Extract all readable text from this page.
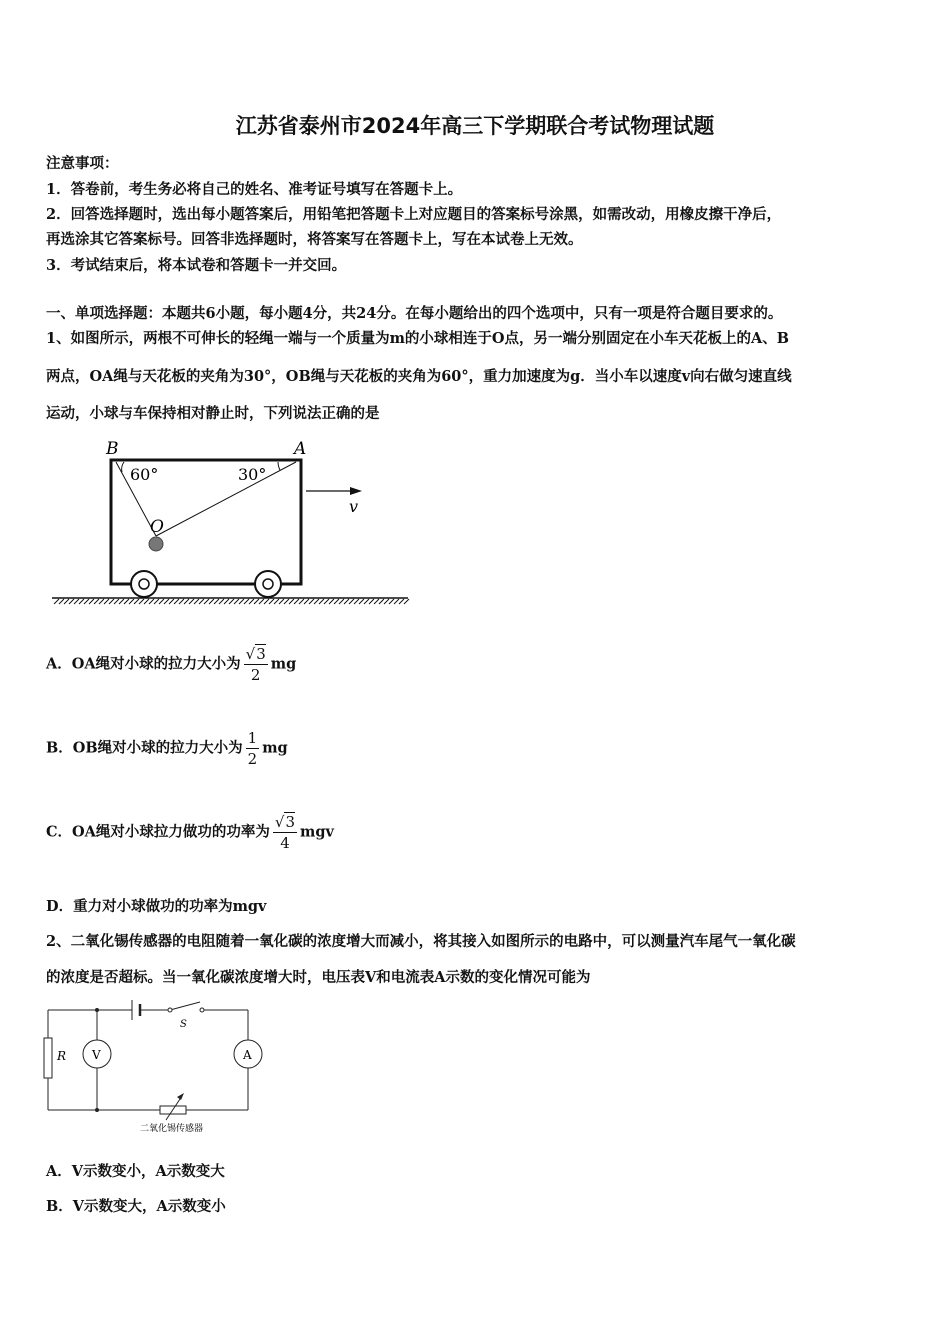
江苏省泰州市2024年高三下学期联合考试物理试题
注意事项：
1．答卷前，考生务必将自己的姓名、准考证号填写在答题卡上。
2．回答选择题时，选出每小题答案后，用铅笔把答题卡上对应题目的答案标号涂黑，如需改动，用橡皮擦干净后，
再选涂其它答案标号。回答非选择题时，将答案写在答题卡上，写在本试卷上无效。
3．考试结束后，将本试卷和答题卡一并交回。
一、单项选择题：本题共6小题，每小题4分，共24分。在每小题给出的四个选项中，只有一项是符合题目要求的。
1、如图所示，两根不可伸长的轻绳一端与一个质量为m的小球相连于O点，另一端分别固定在小车天花板上的A、B
两点，OA绳与天花板的夹角为30°，OB绳与天花板的夹角为60°，重力加速度为g．当小车以速度v向右做匀速直线
运动，小球与车保持相对静止时，下列说法正确的是
B	A
60°	30°
O
v
A．OA绳对小球的拉力大小为 $\frac{√3}{2}$ mg
B．OB绳对小球的拉力大小为 $\frac{1}{2}$ mg
C．OA绳对小球拉力做功的功率为 $\frac{√3}{4}$ mgv
D．重力对小球做功的功率为mgv
2、二氧化锡传感器的电阻随着一氧化碳的浓度增大而减小，将其接入如图所示的电路中，可以测量汽车尾气一氧化碳
的浓度是否超标。当一氧化碳浓度增大时，电压表V和电流表A示数的变化情况可能为
S
R V	A
二氧化锡传感器
A．V示数变小，A示数变大
B．V示数变大，A示数变小
